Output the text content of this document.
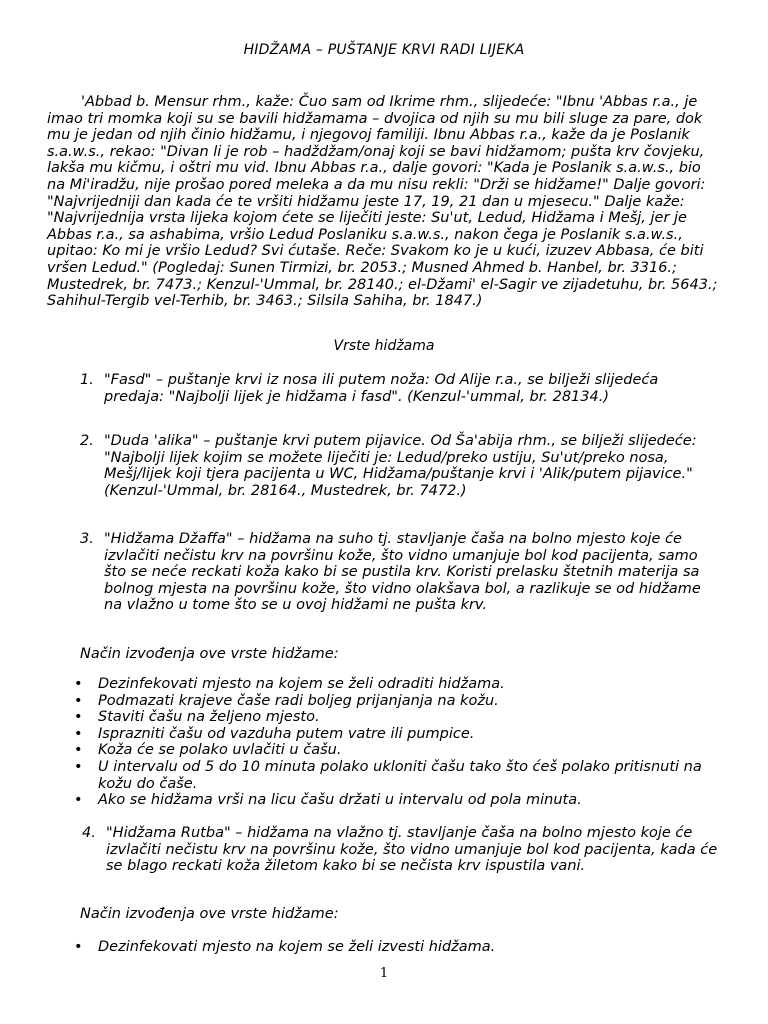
HIDŽAMA – PUŠTANJE KRVI RADI LIJEKA

'Abbad b. Mensur rhm., kaže: Čuo sam od Ikrime rhm., slijedeće: "Ibnu 'Abbas r.a., je imao tri momka koji su se bavili hidžamama – dvojica od njih su mu bili sluge za pare, dok mu je jedan od njih činio hidžamu, i njegovoj familiji. Ibnu Abbas r.a., kaže da je Poslanik s.a.w.s., rekao: "Divan li je rob – hadždžam/onaj koji se bavi hidžamom; pušta krv čovjeku, lakša mu kičmu, i oštri mu vid. Ibnu Abbas r.a., dalje govori: "Kada je Poslanik s.a.w.s., bio na Mi'iradžu, nije prošao pored meleka a da mu nisu rekli: "Drži se hidžame!" Dalje govori: "Najvrijedniji dan kada će te vršiti hidžamu jeste 17, 19, 21 dan u mjesecu." Dalje kaže: "Najvrijednija vrsta lijeka kojom ćete se liječiti jeste: Su'ut, Ledud, Hidžama i Mešj, jer je Abbas r.a., sa ashabima, vršio Ledud Poslaniku s.a.w.s., nakon čega je Poslanik s.a.w.s., upitao: Ko mi je vršio Ledud? Svi ćutaše. Reče: Svakom ko je u kući, izuzev Abbasa, će biti vršen Ledud." (Pogledaj: Sunen Tirmizi, br. 2053.; Musned Ahmed b. Hanbel, br. 3316.; Mustedrek, br. 7473.; Kenzul-'Ummal, br. 28140.; el-Džami' el-Sagir ve zijadetuhu, br. 5643.; Sahihul-Tergib vel-Terhib, br. 3463.; Silsila Sahiha, br. 1847.)

Vrste hidžama
1. "Fasd" – puštanje krvi iz nosa ili putem noža: Od Alije r.a., se bilježi slijedeća predaja: "Najbolji lijek je hidžama i fasd". (Kenzul-'ummal, br. 28134.)
2. "Duda 'alika" – puštanje krvi putem pijavice. Od Ša'abija rhm., se bilježi slijedeće: "Najbolji lijek kojim se možete liječiti je: Ledud/preko ustiju, Su'ut/preko nosa, Mešj/lijek koji tjera pacijenta u WC, Hidžama/puštanje krvi i 'Alik/putem pijavice." (Kenzul-'Ummal, br. 28164., Mustedrek, br. 7472.)
3. "Hidžama Džaffa" – hidžama na suho tj. stavljanje čaša na bolno mjesto koje će izvlačiti nečistu krv na površinu kože, što vidno umanjuje bol kod pacijenta, samo što se neće reckati koža kako bi se pustila krv. Koristi prelasku štetnih materija sa bolnog mjesta na površinu kože, što vidno olakšava bol, a razlikuje se od hidžame na vlažno u tome što se u ovoj hidžami ne pušta krv.
Način izvođenja ove vrste hidžame:
•	Dezinfekovati mjesto na kojem se želi odraditi hidžama.
•	Podmazati krajeve čaše radi boljeg prijanjanja na kožu.
•	Staviti čašu na željeno mjesto.
•	Isprazniti čašu od vazduha putem vatre ili pumpice.
•	Koža će se polako uvlačiti u čašu.
•	U intervalu od 5 do 10 minuta polako ukloniti čašu tako što ćeš polako pritisnuti na kožu do čaše.
•	Ako se hidžama vrši na licu čašu držati u intervalu od pola minuta.
4. "Hidžama Rutba" – hidžama na vlažno tj. stavljanje čaša na bolno mjesto koje će izvlačiti nečistu krv na površinu kože, što vidno umanjuje bol kod pacijenta, kada će se blago reckati koža žiletom kako bi se nečista krv ispustila vani.
Način izvođenja ove vrste hidžame:
•	Dezinfekovati mjesto na kojem se želi izvesti hidžama.
1
